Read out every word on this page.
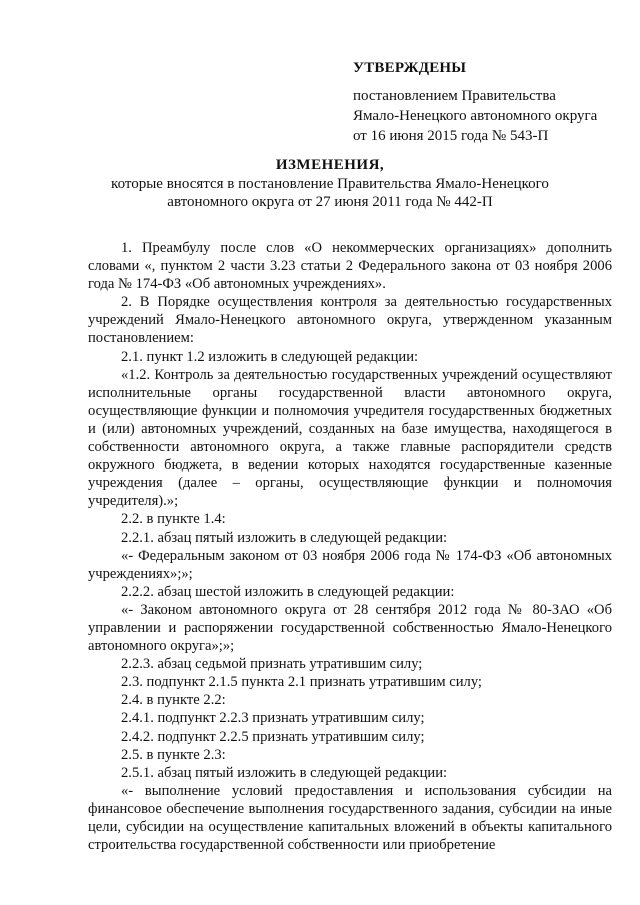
УТВЕРЖДЕНЫ
постановлением Правительства
Ямало-Ненецкого автономного округа
от 16 июня 2015 года № 543-П
ИЗМЕНЕНИЯ,
которые вносятся в постановление Правительства Ямало-Ненецкого
автономного округа от 27 июня 2011 года № 442-П

1. Преамбулу после слов «О некоммерческих организациях» дополнить словами «, пунктом 2 части 3.23 статьи 2 Федерального закона от 03 ноября 2006 года № 174-ФЗ «Об автономных учреждениях».

2. В Порядке осуществления контроля за деятельностью государственных учреждений Ямало-Ненецкого автономного округа, утвержденном указанным постановлением:

2.1. пункт 1.2 изложить в следующей редакции:

«1.2. Контроль за деятельностью государственных учреждений осуществляют исполнительные органы государственной власти автономного округа, осуществляющие функции и полномочия учредителя государственных бюджетных и (или) автономных учреждений, созданных на базе имущества, находящегося в собственности автономного округа, а также главные распорядители средств окружного бюджета, в ведении которых находятся государственные казенные учреждения (далее – органы, осуществляющие функции и полномочия учредителя).»;

2.2. в пункте 1.4:

2.2.1. абзац пятый изложить в следующей редакции:

«- Федеральным законом от 03 ноября 2006 года № 174-ФЗ «Об автономных учреждениях»;»;

2.2.2. абзац шестой изложить в следующей редакции:

«- Законом автономного округа от 28 сентября 2012 года № 80-ЗАО «Об управлении и распоряжении государственной собственностью Ямало-Ненецкого автономного округа»;»;

2.2.3. абзац седьмой признать утратившим силу;

2.3. подпункт 2.1.5 пункта 2.1 признать утратившим силу;

2.4. в пункте 2.2:

2.4.1. подпункт 2.2.3 признать утратившим силу;

2.4.2. подпункт 2.2.5 признать утратившим силу;

2.5. в пункте 2.3:

2.5.1. абзац пятый изложить в следующей редакции:

«- выполнение условий предоставления и использования субсидии на финансовое обеспечение выполнения государственного задания, субсидии на иные цели, субсидии на осуществление капитальных вложений в объекты капитального строительства государственной собственности или приобретение
